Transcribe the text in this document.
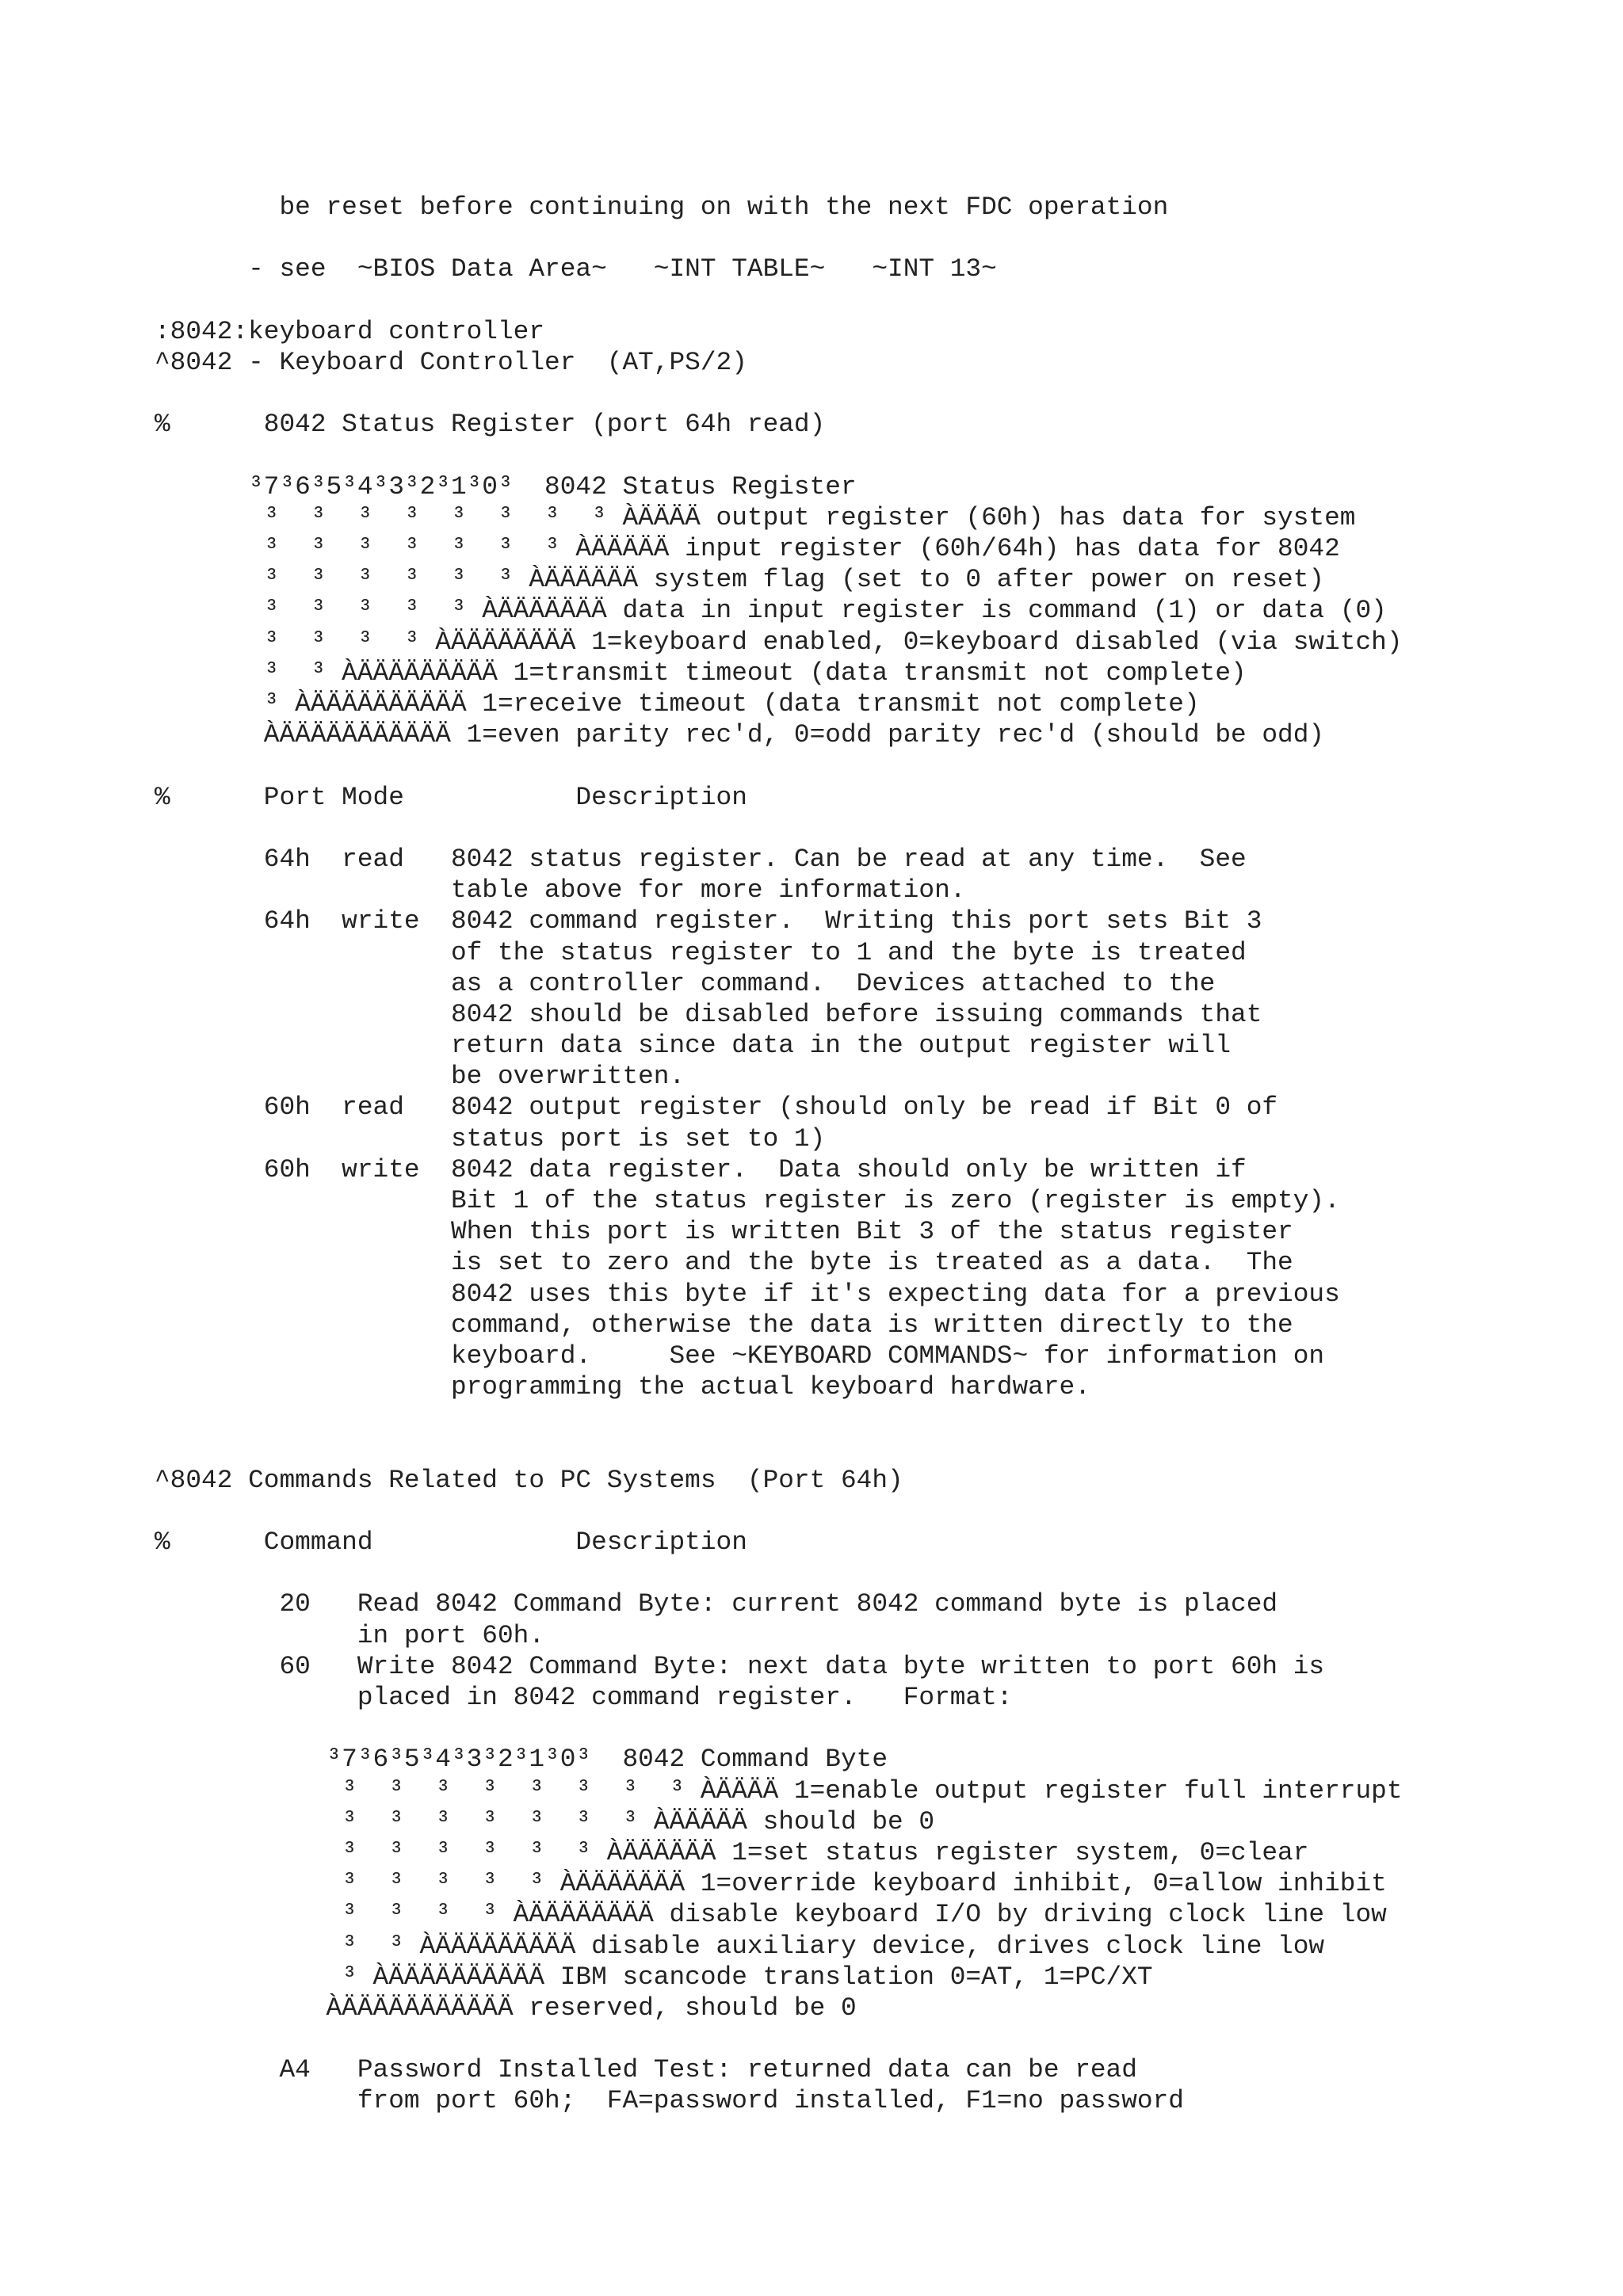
be reset before continuing on with the next FDC operation
- see  ~BIOS Data Area~   ~INT TABLE~   ~INT 13~
:8042:keyboard controller
^8042 - Keyboard Controller  (AT,PS/2)
%      8042 Status Register (port 64h read)
³7³6³5³4³3³2³1³0³  8042 Status Register
³  ³  ³  ³  ³  ³  ³  ³ ÀÄÄÄÄ output register (60h) has data for system
³  ³  ³  ³  ³  ³  ³ ÀÄÄÄÄÄ input register (60h/64h) has data for 8042
³  ³  ³  ³  ³  ³ ÀÄÄÄÄÄÄ system flag (set to 0 after power on reset)
³  ³  ³  ³  ³ ÀÄÄÄÄÄÄÄ data in input register is command (1) or data (0)
³  ³  ³  ³ ÀÄÄÄÄÄÄÄÄ 1=keyboard enabled, 0=keyboard disabled (via switch)
³  ³ ÀÄÄÄÄÄÄÄÄÄ 1=transmit timeout (data transmit not complete)
³ ÀÄÄÄÄÄÄÄÄÄÄ 1=receive timeout (data transmit not complete)
ÀÄÄÄÄÄÄÄÄÄÄÄ 1=even parity rec'd, 0=odd parity rec'd (should be odd)
%      Port Mode           Description
64h  read   8042 status register. Can be read at any time.  See
table above for more information.
64h  write  8042 command register.  Writing this port sets Bit 3
of the status register to 1 and the byte is treated
as a controller command.  Devices attached to the
8042 should be disabled before issuing commands that
return data since data in the output register will
be overwritten.
60h  read   8042 output register (should only be read if Bit 0 of
status port is set to 1)
60h  write  8042 data register.  Data should only be written if
Bit 1 of the status register is zero (register is empty).
When this port is written Bit 3 of the status register
is set to zero and the byte is treated as a data.  The
8042 uses this byte if it's expecting data for a previous
command, otherwise the data is written directly to the
keyboard.     See ~KEYBOARD COMMANDS~ for information on
programming the actual keyboard hardware.
^8042 Commands Related to PC Systems  (Port 64h)
%      Command             Description
20   Read 8042 Command Byte: current 8042 command byte is placed
in port 60h.
60   Write 8042 Command Byte: next data byte written to port 60h is
placed in 8042 command register.   Format:
³7³6³5³4³3³2³1³0³  8042 Command Byte
³  ³  ³  ³  ³  ³  ³  ³ ÀÄÄÄÄ 1=enable output register full interrupt
³  ³  ³  ³  ³  ³  ³ ÀÄÄÄÄÄ should be 0
³  ³  ³  ³  ³  ³ ÀÄÄÄÄÄÄ 1=set status register system, 0=clear
³  ³  ³  ³  ³ ÀÄÄÄÄÄÄÄ 1=override keyboard inhibit, 0=allow inhibit
³  ³  ³  ³ ÀÄÄÄÄÄÄÄÄ disable keyboard I/O by driving clock line low
³  ³ ÀÄÄÄÄÄÄÄÄÄ disable auxiliary device, drives clock line low
³ ÀÄÄÄÄÄÄÄÄÄÄ IBM scancode translation 0=AT, 1=PC/XT
ÀÄÄÄÄÄÄÄÄÄÄÄ reserved, should be 0
A4   Password Installed Test: returned data can be read
from port 60h;  FA=password installed, F1=no password
